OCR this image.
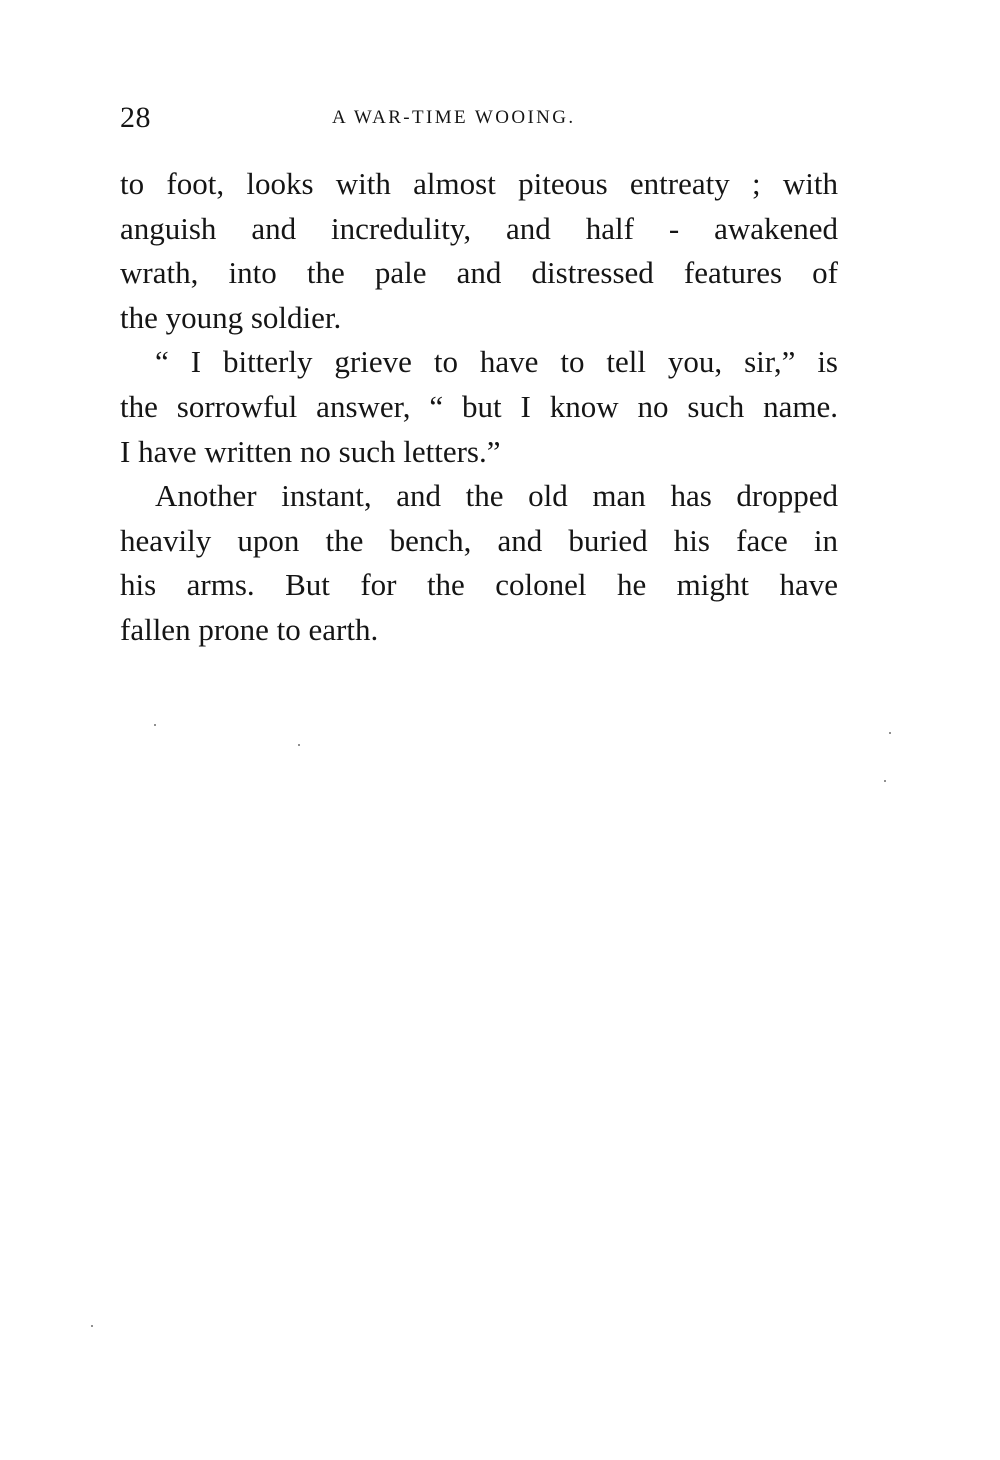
28	A WAR-TIME WOOING.
to foot, looks with almost piteous entreaty ; with
anguish and incredulity, and half - awakened
wrath, into the pale and distressed features of
the young soldier.
“ I bitterly grieve to have to tell you, sir,” is
the sorrowful answer, “ but I know no such name.
I have written no such letters.”
Another instant, and the old man has dropped
heavily upon the bench, and buried his face in
his arms. But for the colonel he might have
fallen prone to earth.
